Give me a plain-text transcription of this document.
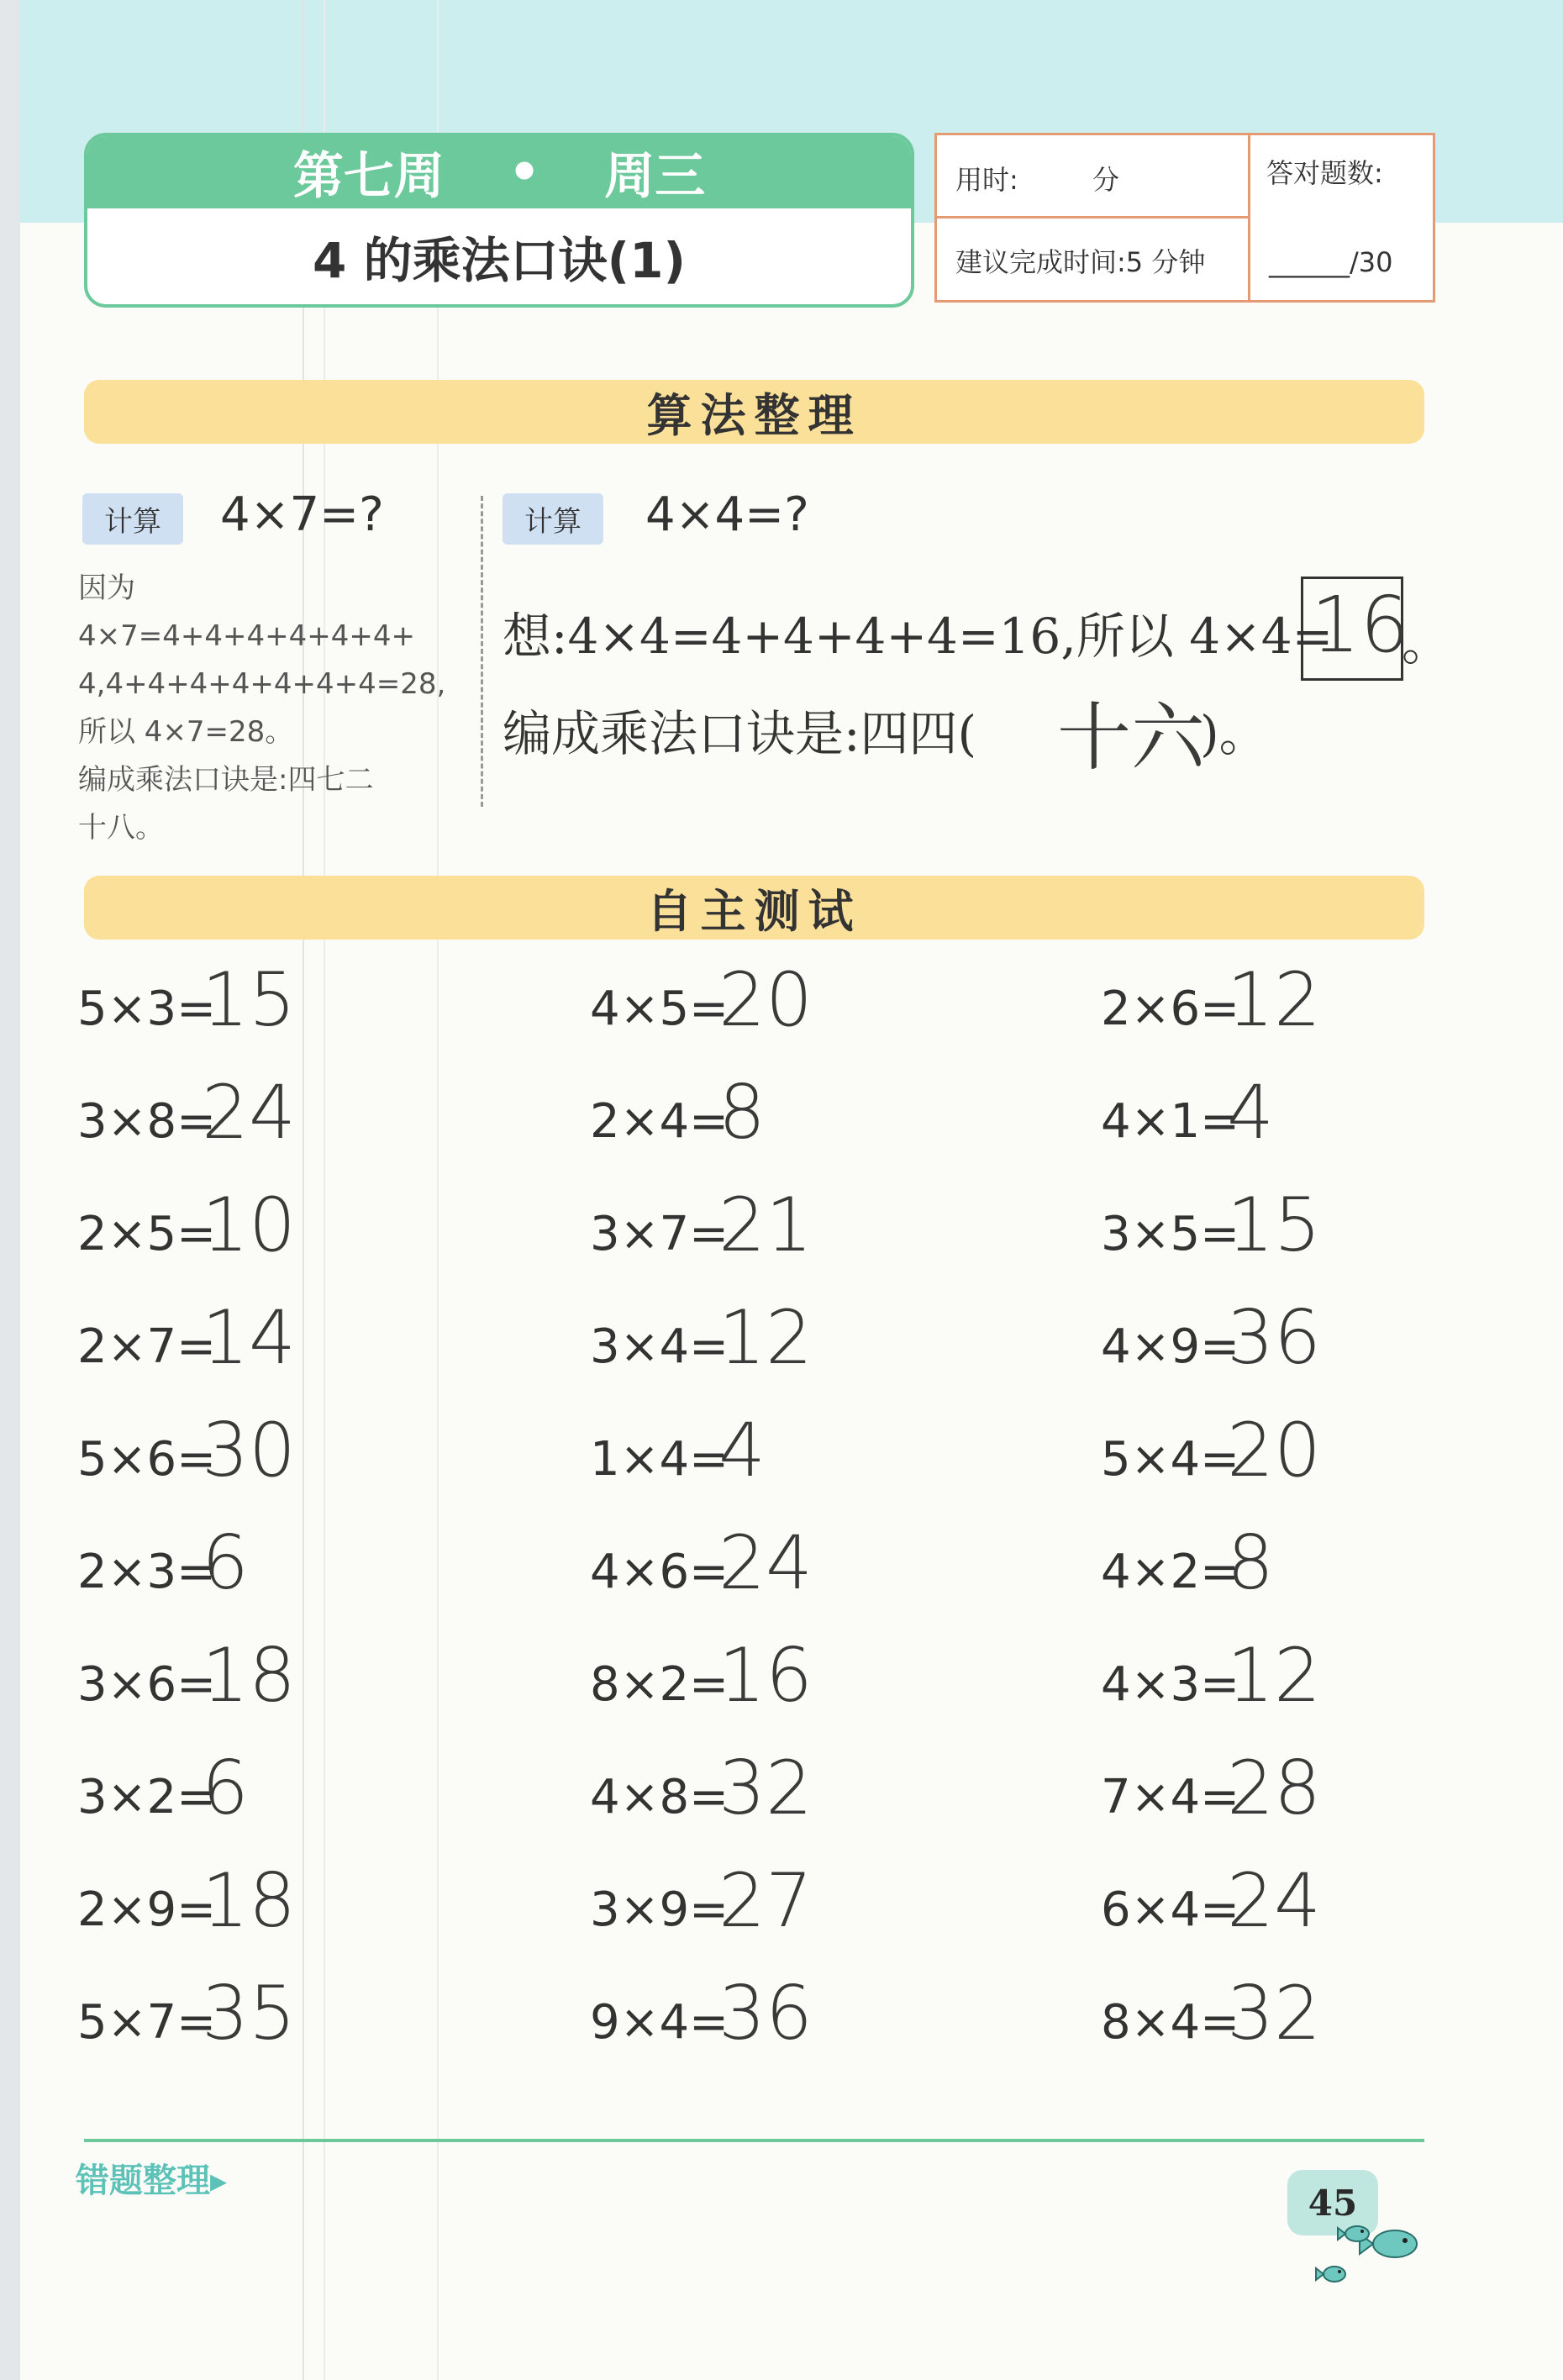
第七周 • 周三
4 的乘法口诀(1)
用时:	分
建议完成时间:5 分钟
答对题数:
______/30
算法整理
计算	4×7=?
因为 4×7=4+4+4+4+4+4+
4,4+4+4+4+4+4+4=28,
所以 4×7=28。
编成乘法口诀是:四七二
十八。
计算	4×4=?
想:4×4=4+4+4+4=16,所以 4×4=
16
。
编成乘法口诀是:四四( 十六
)。
自主测试
5×3=
15
3×8=
24
2×5=
10
2×7=
14
5×6=
30
2×3=
6
3×6=
18
3×2=
6
2×9=
18
5×7=
35
4×5=
20
2×4=
8
3×7=
21
3×4=
12
1×4=
4
4×6=
24
8×2=
16
4×8=
32
3×9=
27
9×4=
36
2×6=
12
4×1=
4
3×5=
15
4×9=
36
5×4=
20
4×2=
8
4×3=
12
7×4=
28
6×4=
24
8×4=
32
错题整理▸
45
